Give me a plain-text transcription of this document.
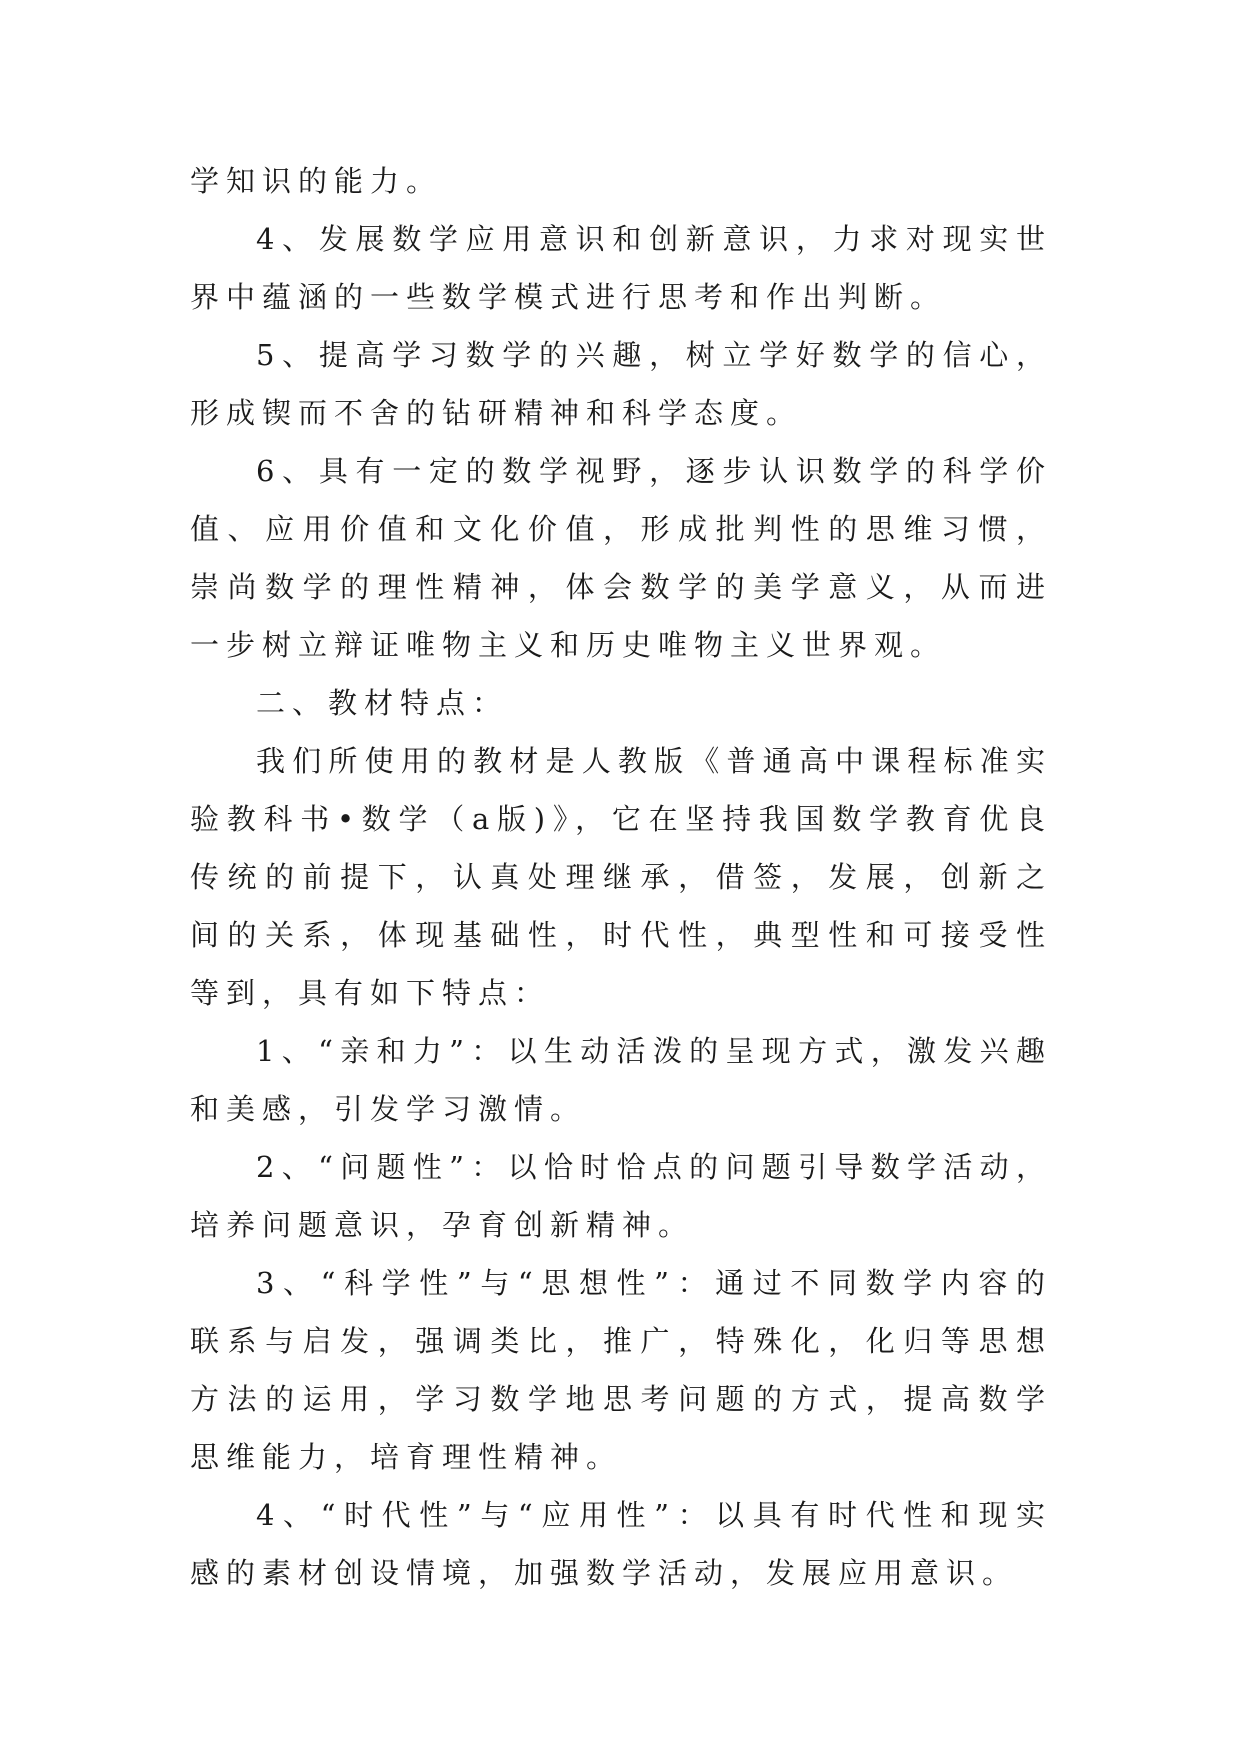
学知识的能力。

4、发展数学应用意识和创新意识，力求对现实世界中蕴涵的一些数学模式进行思考和作出判断。

5、提高学习数学的兴趣，树立学好数学的信心，形成锲而不舍的钻研精神和科学态度。

6、具有一定的数学视野，逐步认识数学的科学价值、应用价值和文化价值，形成批判性的思维习惯，崇尚数学的理性精神，体会数学的美学意义，从而进一步树立辩证唯物主义和历史唯物主义世界观。

二、教材特点：

我们所使用的教材是人教版《普通高中课程标准实验教科书•数学（a版)》，它在坚持我国数学教育优良传统的前提下，认真处理继承，借签，发展，创新之间的关系，体现基础性，时代性，典型性和可接受性等到，具有如下特点：

1、“亲和力”：以生动活泼的呈现方式，激发兴趣和美感，引发学习激情。

2、“问题性”：以恰时恰点的问题引导数学活动，培养问题意识，孕育创新精神。

3、“科学性”与“思想性”：通过不同数学内容的联系与启发，强调类比，推广，特殊化，化归等思想方法的运用，学习数学地思考问题的方式，提高数学思维能力，培育理性精神。

4、“时代性”与“应用性”：以具有时代性和现实感的素材创设情境，加强数学活动，发展应用意识。
